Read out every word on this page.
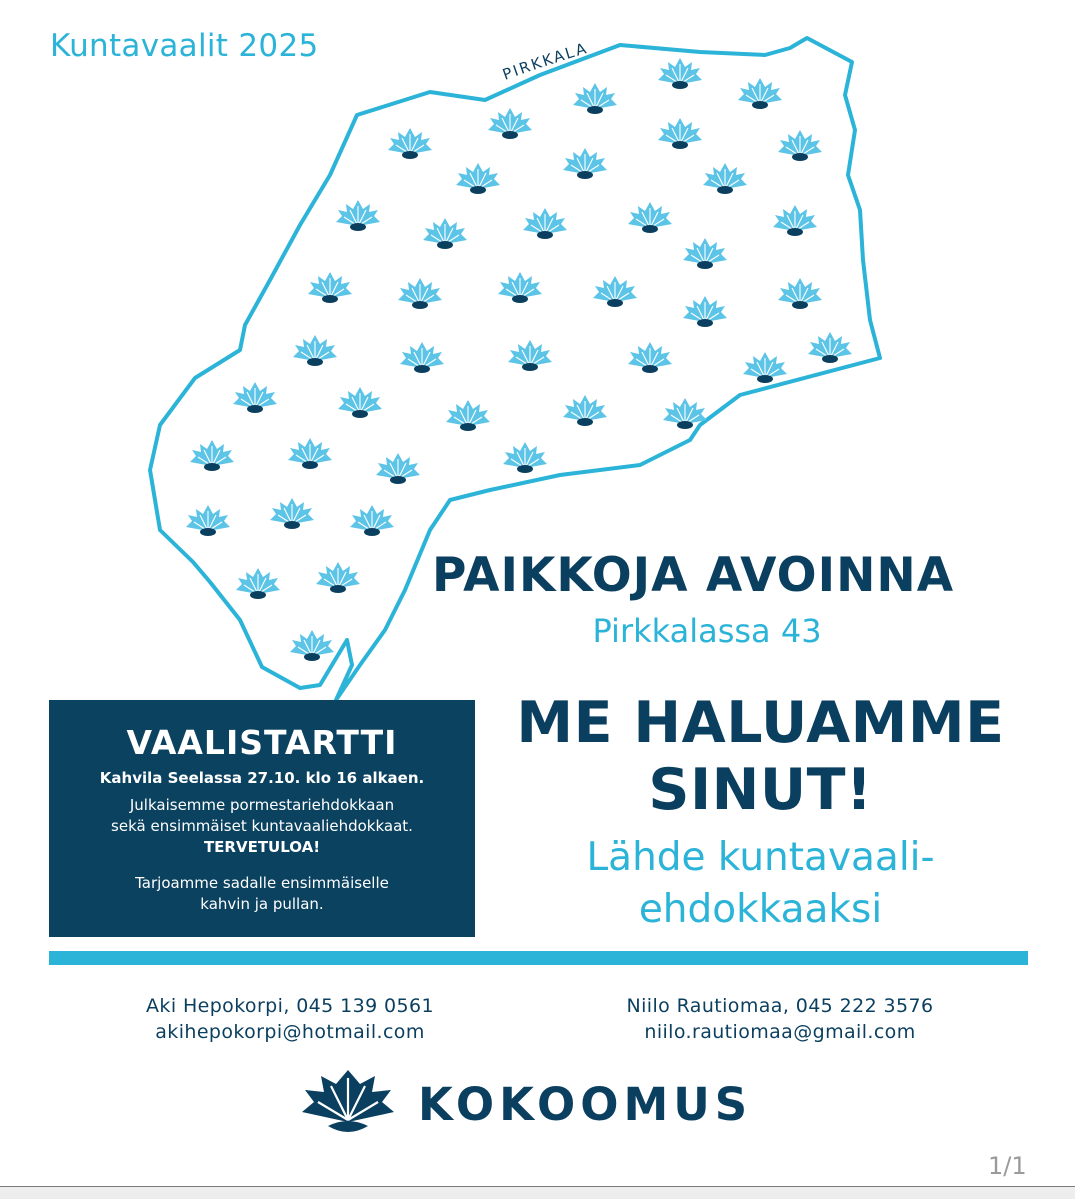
PIRKKALA
Kuntavaalit 2025
PAIKKOJA AVOINNA
Pirkkalassa 43
ME HALUAMME
SINUT!
Lähde kuntavaali-
ehdokkaaksi
VAALISTARTTI
Kahvila Seelassa 27.10. klo 16 alkaen.
Julkaisemme pormestariehdokkaan
sekä ensimmäiset kuntavaaliehdokkaat.
TERVETULOA!
Tarjoamme sadalle ensimmäiselle
kahvin ja pullan.
Aki Hepokorpi, 045 139 0561
akihepokorpi@hotmail.com
Niilo Rautiomaa, 045 222 3576
niilo.rautiomaa@gmail.com
KOKOOMUS
1/1
